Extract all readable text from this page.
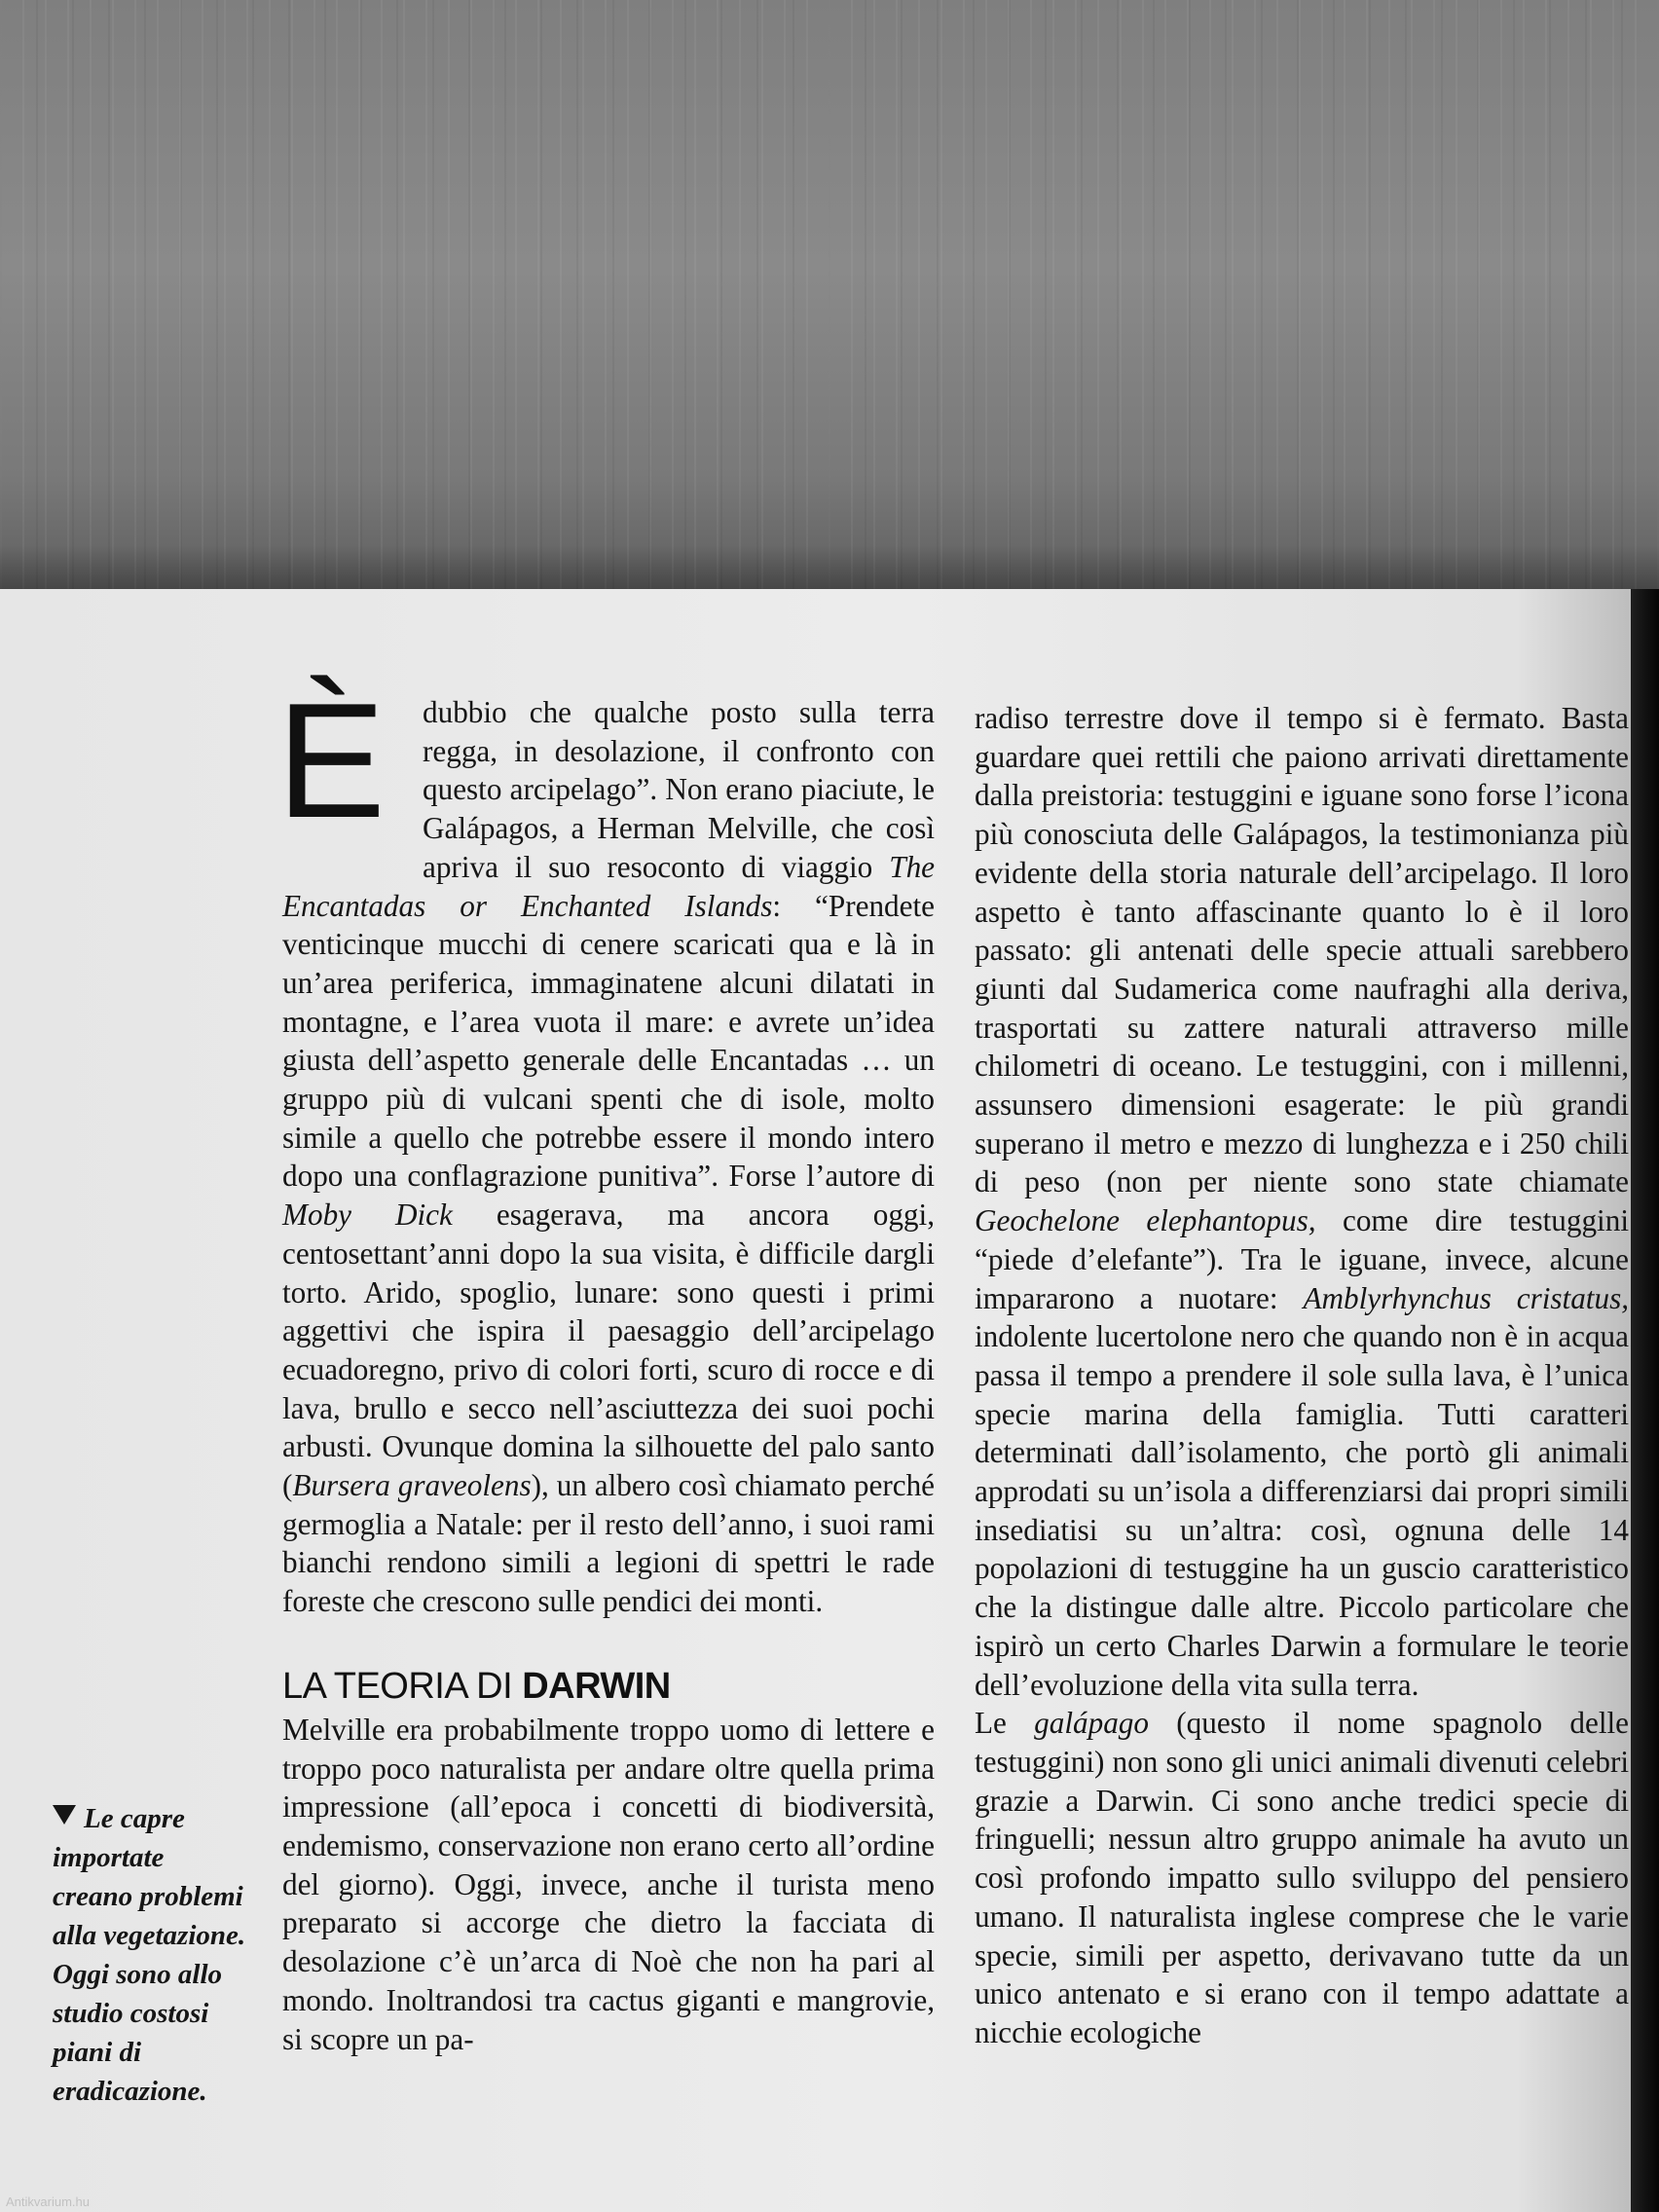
È	dubbio che qualche posto sulla terra regga, in desolazione, il confronto con questo arcipelago”. Non erano piaciute, le Galápagos, a Herman Melville, che così apriva il suo resoconto di viaggio The Encantadas or Enchanted Islands: “Prendete venticinque mucchi di cenere scaricati qua e là in un’area periferica, immaginatene alcuni dilatati in montagne, e l’area vuota il mare: e avrete un’idea giusta dell’aspetto generale delle Encantadas … un gruppo più di vulcani spenti che di isole, molto simile a quello che potrebbe essere il mondo intero dopo una conflagrazione punitiva”. Forse l’autore di Moby Dick esagerava, ma ancora oggi, centosettant’anni dopo la sua visita, è difficile dargli torto. Arido, spoglio, lunare: sono questi i primi aggettivi che ispira il paesaggio dell’arcipelago ecuadoregno, privo di colori forti, scuro di rocce e di lava, brullo e secco nell’asciuttezza dei suoi pochi arbusti. Ovunque domina la silhouette del palo santo (Bursera graveolens), un albero così chiamato perché germoglia a Natale: per il resto dell’anno, i suoi rami bianchi rendono simili a legioni di spettri le rade foreste che crescono sulle pendici dei monti.

LA TEORIA DI DARWIN

Melville era probabilmente troppo uomo di lettere e troppo poco naturalista per andare oltre quella prima impressione (all’epoca i concetti di biodiversità, endemismo, conservazione non erano certo all’ordine del giorno). Oggi, invece, anche il turista meno preparato si accorge che dietro la facciata di desolazione c’è un’arca di Noè che non ha pari al mondo. Inoltrandosi tra cactus giganti e mangrovie, si scopre un pa-

radiso terrestre dove il tempo si è fermato. Basta guardare quei rettili che paiono arrivati direttamente dalla preistoria: testuggini e iguane sono forse l’icona più conosciuta delle Galápagos, la testimonianza più evidente della storia naturale dell’arcipelago. Il loro aspetto è tanto affascinante quanto lo è il loro passato: gli antenati delle specie attuali sarebbero giunti dal Sudamerica come naufraghi alla deriva, trasportati su zattere naturali attraverso mille chilometri di oceano. Le testuggini, con i millenni, assunsero dimensioni esagerate: le più grandi superano il metro e mezzo di lunghezza e i 250 chili di peso (non per niente sono state chiamate Geochelone elephantopus, come dire testuggini “piede d’elefante”). Tra le iguane, invece, alcune impararono a nuotare: Amblyrhynchus cristatus, indolente lucertolone nero che quando non è in acqua passa il tempo a prendere il sole sulla lava, è l’unica specie marina della famiglia. Tutti caratteri determinati dall’isolamento, che portò gli animali approdati su un’isola a differenziarsi dai propri simili insediatisi su un’altra: così, ognuna delle 14 popolazioni di testuggine ha un guscio caratteristico che la distingue dalle altre. Piccolo particolare che ispirò un certo Charles Darwin a formulare le teorie dell’evoluzione della vita sulla terra.

Le galápago (questo il nome spagnolo delle testuggini) non sono gli unici animali divenuti celebri grazie a Darwin. Ci sono anche tredici specie di fringuelli; nessun altro gruppo animale ha avuto un così profondo impatto sullo sviluppo del pensiero umano. Il naturalista inglese comprese che le varie specie, simili per aspetto, derivavano tutte da un unico antenato e si erano con il tempo adattate a nicchie ecologiche

Le capre importate creano problemi alla vegetazione. Oggi sono allo studio costosi piani di eradicazione.
Antikvarium.hu
